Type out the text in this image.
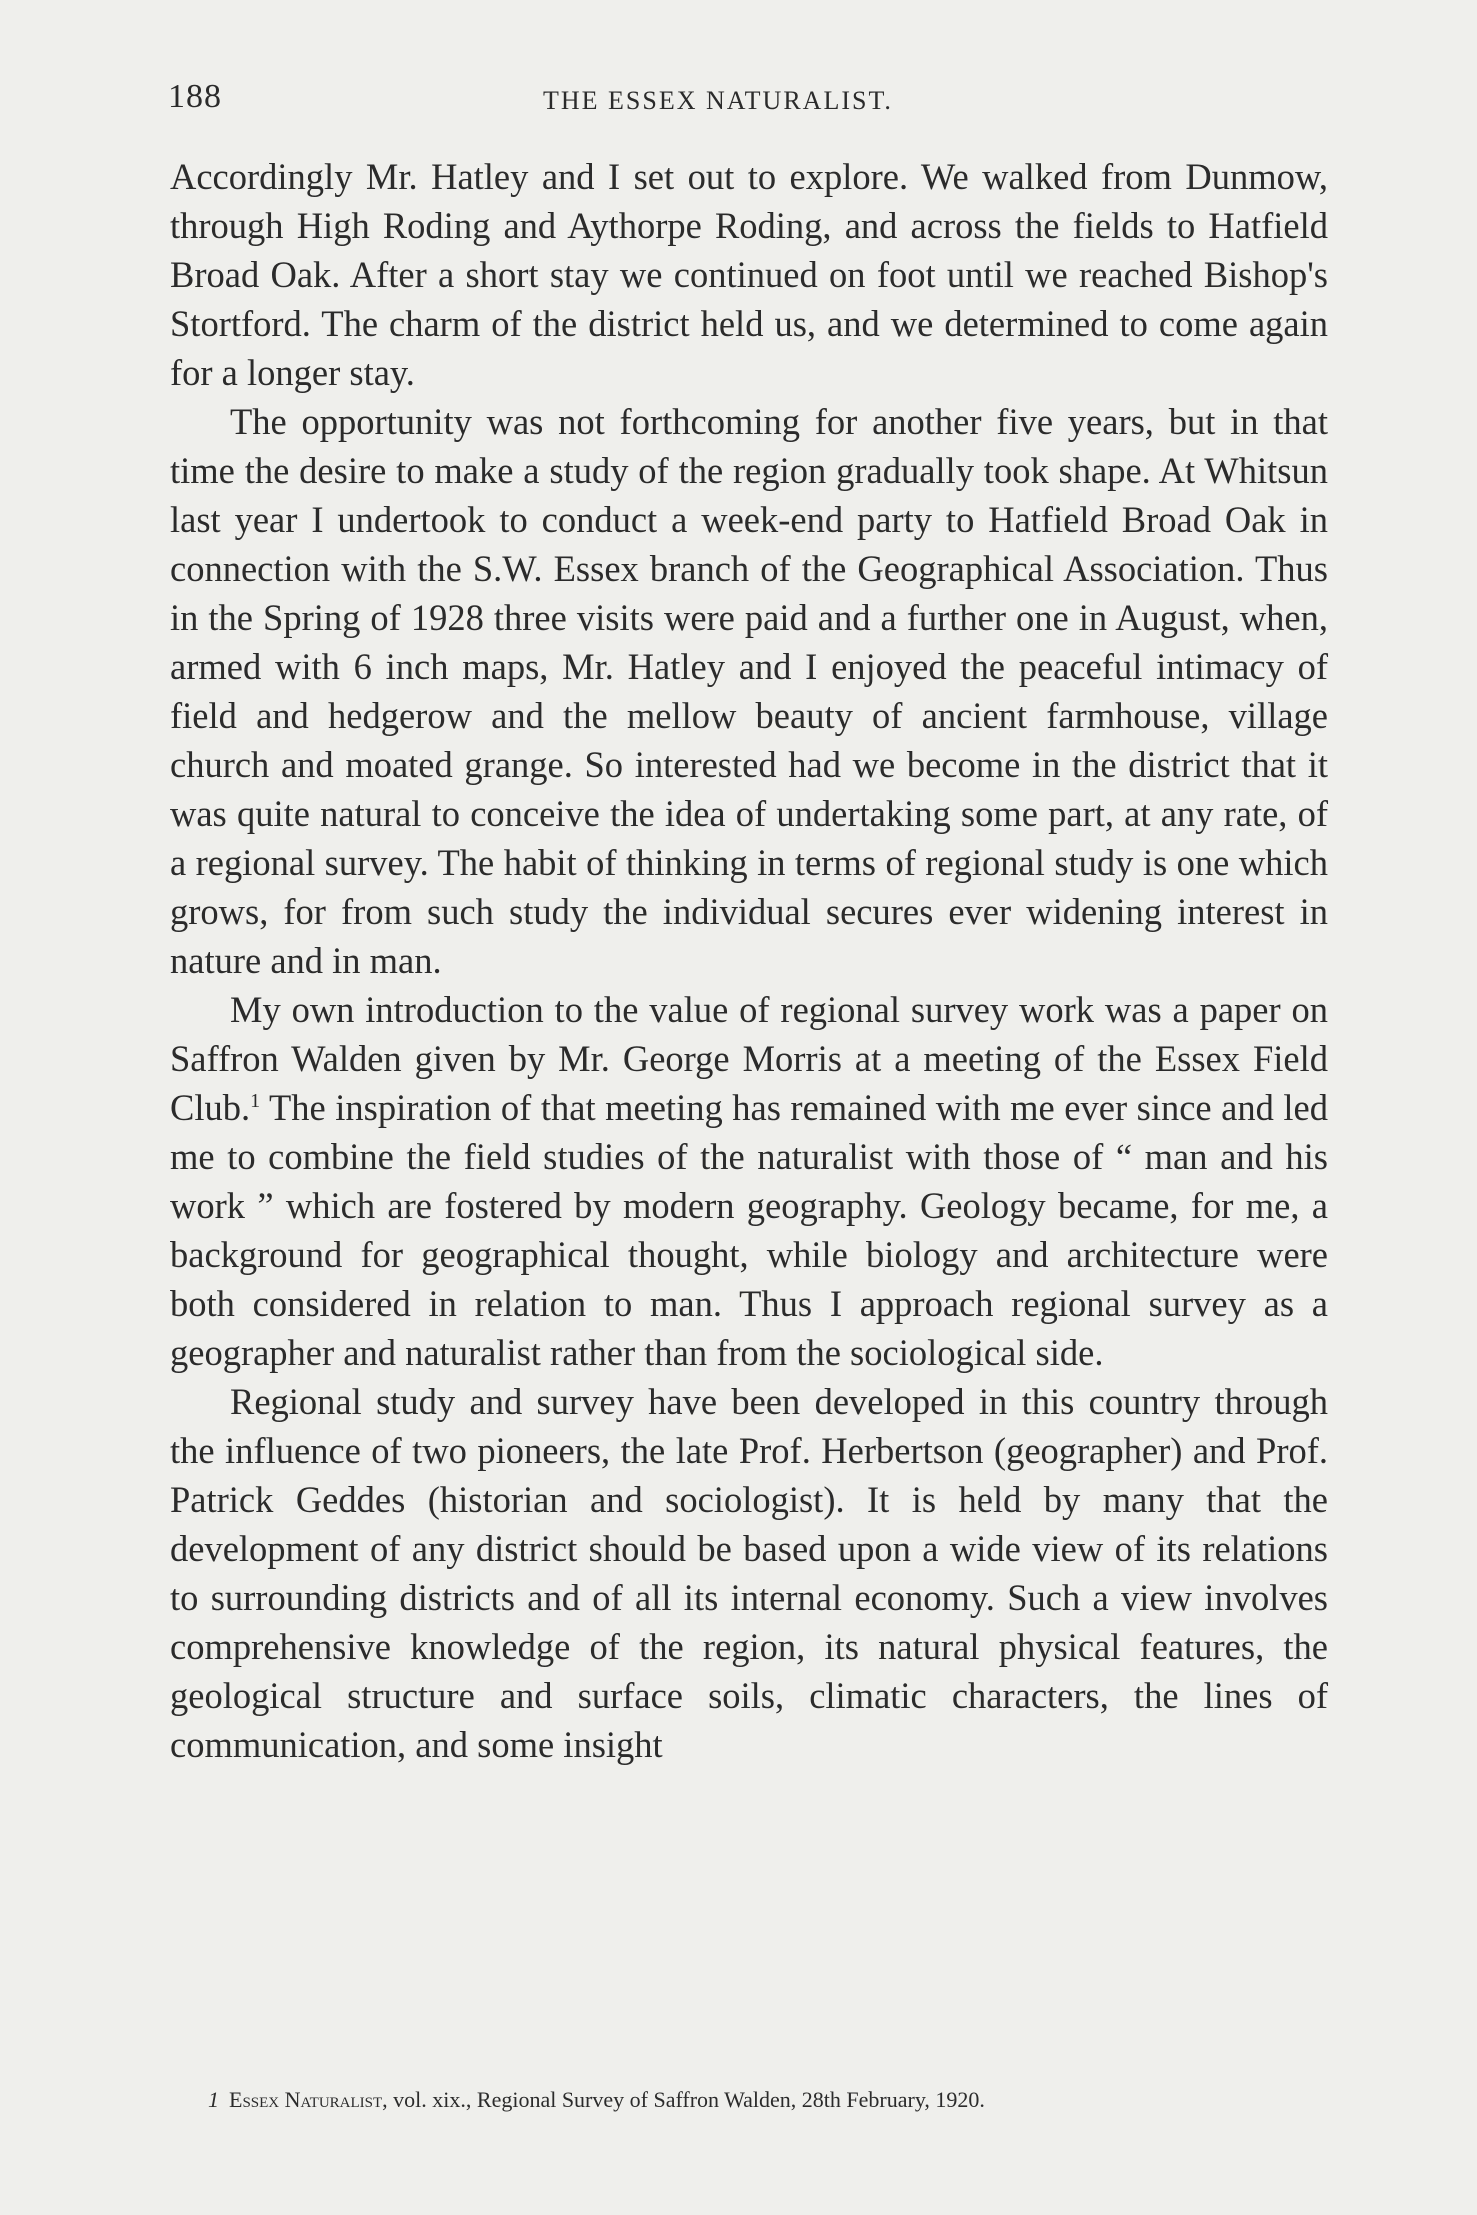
188	THE ESSEX NATURALIST.

Accordingly Mr. Hatley and I set out to explore. We walked from Dunmow, through High Roding and Aythorpe Roding, and across the fields to Hatfield Broad Oak. After a short stay we continued on foot until we reached Bishop's Stortford. The charm of the district held us, and we determined to come again for a longer stay.

The opportunity was not forthcoming for another five years, but in that time the desire to make a study of the region gradually took shape. At Whitsun last year I undertook to conduct a week-end party to Hatfield Broad Oak in connection with the S.W. Essex branch of the Geographical Association. Thus in the Spring of 1928 three visits were paid and a further one in August, when, armed with 6 inch maps, Mr. Hatley and I enjoyed the peaceful intimacy of field and hedgerow and the mellow beauty of ancient farmhouse, village church and moated grange. So interested had we become in the district that it was quite natural to conceive the idea of undertaking some part, at any rate, of a regional survey. The habit of thinking in terms of regional study is one which grows, for from such study the individual secures ever widening interest in nature and in man.

My own introduction to the value of regional survey work was a paper on Saffron Walden given by Mr. George Morris at a meeting of the Essex Field Club.$^1$ The inspiration of that meeting has remained with me ever since and led me to combine the field studies of the naturalist with those of “ man and his work ” which are fostered by modern geography. Geology became, for me, a background for geographical thought, while biology and architecture were both considered in relation to man. Thus I approach regional survey as a geographer and naturalist rather than from the sociological side.

Regional study and survey have been developed in this country through the influence of two pioneers, the late Prof. Herbertson (geographer) and Prof. Patrick Geddes (historian and sociologist). It is held by many that the development of any district should be based upon a wide view of its relations to surrounding districts and of all its internal economy. Such a view involves comprehensive knowledge of the region, its natural physical features, the geological structure and surface soils, climatic characters, the lines of communication, and some insight

1 Essex Naturalist, vol. xix., Regional Survey of Saffron Walden, 28th February, 1920.
